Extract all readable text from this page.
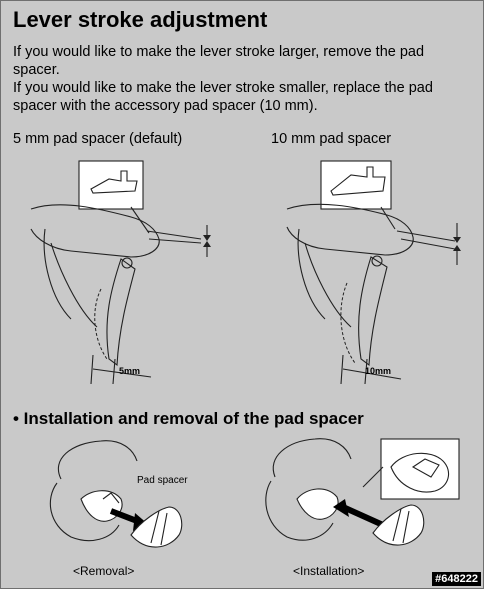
Lever stroke adjustment
If you would like to make the lever stroke larger, remove the pad spacer.
If you would like to make the lever stroke smaller, replace the pad spacer with the accessory pad spacer (10 mm).
5 mm pad spacer (default)	10 mm pad spacer
5mm	10mm
• Installation and removal of the pad spacer
Pad spacer
<Removal>	<Installation>
#648222
